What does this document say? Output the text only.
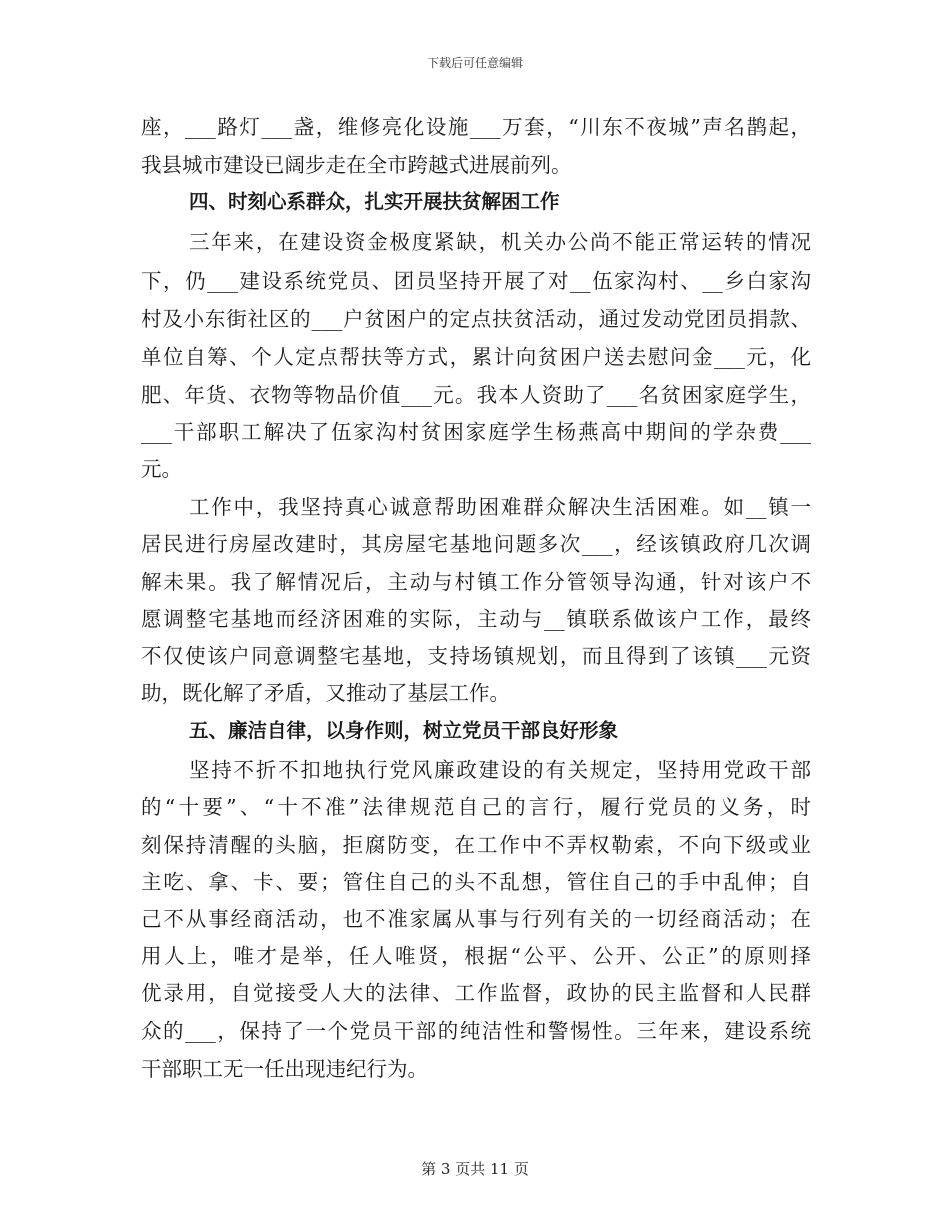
下载后可任意编辑
座，___路灯___盏，维修亮化设施___万套，“川东不夜城”声名鹊起，
我县城市建设已阔步走在全市跨越式进展前列。
四、时刻心系群众，扎实开展扶贫解困工作
三年来，在建设资金极度紧缺，机关办公尚不能正常运转的情况
下，仍___建设系统党员、团员坚持开展了对__伍家沟村、__乡白家沟
村及小东街社区的___户贫困户的定点扶贫活动，通过发动党团员捐款、
单位自筹、个人定点帮扶等方式，累计向贫困户送去慰问金___元，化
肥、年货、衣物等物品价值___元。我本人资助了___名贫困家庭学生，
___干部职工解决了伍家沟村贫困家庭学生杨燕高中期间的学杂费___
元。
工作中，我坚持真心诚意帮助困难群众解决生活困难。如__镇一
居民进行房屋改建时，其房屋宅基地问题多次___，经该镇政府几次调
解未果。我了解情况后，主动与村镇工作分管领导沟通，针对该户不
愿调整宅基地而经济困难的实际，主动与__镇联系做该户工作，最终
不仅使该户同意调整宅基地，支持场镇规划，而且得到了该镇___元资
助，既化解了矛盾，又推动了基层工作。
五、廉洁自律，以身作则，树立党员干部良好形象
坚持不折不扣地执行党风廉政建设的有关规定，坚持用党政干部
的“十要”、“十不准”法律规范自己的言行，履行党员的义务，时
刻保持清醒的头脑，拒腐防变，在工作中不弄权勒索，不向下级或业
主吃、拿、卡、要；管住自己的头不乱想，管住自己的手中乱伸；自
己不从事经商活动，也不准家属从事与行列有关的一切经商活动；在
用人上，唯才是举，任人唯贤，根据“公平、公开、公正”的原则择
优录用，自觉接受人大的法律、工作监督，政协的民主监督和人民群
众的___，保持了一个党员干部的纯洁性和警惕性。三年来，建设系统
干部职工无一任出现违纪行为。
第 3 页共 11 页
